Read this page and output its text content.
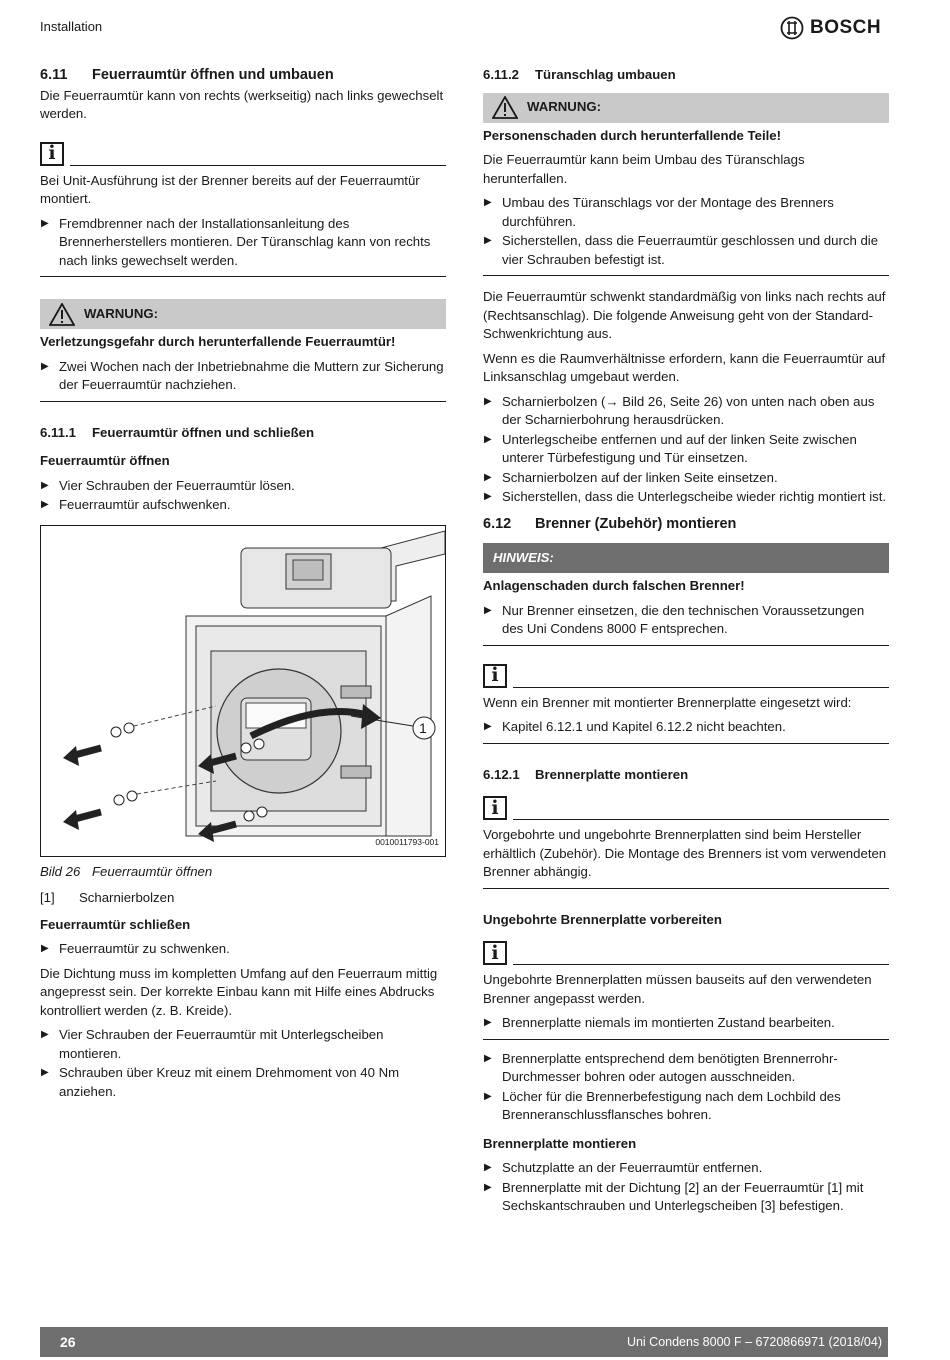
Installation	BOSCH
6.11 Feuerraumtür öffnen und umbauen

Die Feuerraumtür kann von rechts (werkseitig) nach links gewechselt werden.

i

Bei Unit-Ausführung ist der Brenner bereits auf der Feuerraumtür montiert.

▶ Fremdbrenner nach der Installationsanleitung des Brennerherstellers montieren. Der Türanschlag kann von rechts nach links gewechselt werden.
WARNUNG:

Verletzungsgefahr durch herunterfallende Feuerraumtür!

▶ Zwei Wochen nach der Inbetriebnahme die Muttern zur Sicherung der Feuerraumtür nachziehen.
6.11.1 Feuerraumtür öffnen und schließen
Feuerraumtür öffnen
▶ Vier Schrauben der Feuerraumtür lösen.
▶ Feuerraumtür aufschwenken.
1
0010011793-001
Bild 26 Feuerraumtür öffnen
[1] Scharnierbolzen
Feuerraumtür schließen
▶ Feuerraumtür zu schwenken.

Die Dichtung muss im kompletten Umfang auf den Feuerraum mittig angepresst sein. Der korrekte Einbau kann mit Hilfe eines Abdrucks kontrolliert werden (z. B. Kreide).

▶ Vier Schrauben der Feuerraumtür mit Unterlegscheiben montieren.
▶ Schrauben über Kreuz mit einem Drehmoment von 40 Nm anziehen.
6.11.2 Türanschlag umbauen
WARNUNG:

Personenschaden durch herunterfallende Teile!

Die Feuerraumtür kann beim Umbau des Türanschlags herunterfallen.

▶ Umbau des Türanschlags vor der Montage des Brenners durchführen.
▶ Sicherstellen, dass die Feuerraumtür geschlossen und durch die vier Schrauben befestigt ist.

Die Feuerraumtür schwenkt standardmäßig von links nach rechts auf (Rechtsanschlag). Die folgende Anweisung geht von der Standard-Schwenkrichtung aus.

Wenn es die Raumverhältnisse erfordern, kann die Feuerraumtür auf Linksanschlag umgebaut werden.

▶ Scharnierbolzen (→ Bild 26, Seite 26) von unten nach oben aus der Scharnierbohrung herausdrücken.
▶ Unterlegscheibe entfernen und auf der linken Seite zwischen unterer Türbefestigung und Tür einsetzen.
▶ Scharnierbolzen auf der linken Seite einsetzen.
▶ Sicherstellen, dass die Unterlegscheibe wieder richtig montiert ist.
6.12 Brenner (Zubehör) montieren
HINWEIS:

Anlagenschaden durch falschen Brenner!

▶ Nur Brenner einsetzen, die den technischen Voraussetzungen des Uni Condens 8000 F entsprechen.
i

Wenn ein Brenner mit montierter Brennerplatte eingesetzt wird:

▶ Kapitel 6.12.1 und Kapitel 6.12.2 nicht beachten.
6.12.1 Brennerplatte montieren
i

Vorgebohrte und ungebohrte Brennerplatten sind beim Hersteller erhältlich (Zubehör). Die Montage des Brenners ist vom verwendeten Brenner abhängig.

Ungebohrte Brennerplatte vorbereiten
i

Ungebohrte Brennerplatten müssen bauseits auf den verwendeten Brenner angepasst werden.

▶ Brennerplatte niemals im montierten Zustand bearbeiten.
▶ Brennerplatte entsprechend dem benötigten Brennerrohr-Durchmesser bohren oder autogen ausschneiden.
▶ Löcher für die Brennerbefestigung nach dem Lochbild des Brenneranschlussflansches bohren.
Brennerplatte montieren
▶ Schutzplatte an der Feuerraumtür entfernen.
▶ Brennerplatte mit der Dichtung [2] an der Feuerraumtür [1] mit Sechskantschrauben und Unterlegscheiben [3] befestigen.
26	Uni Condens 8000 F – 6720866971 (2018/04)
